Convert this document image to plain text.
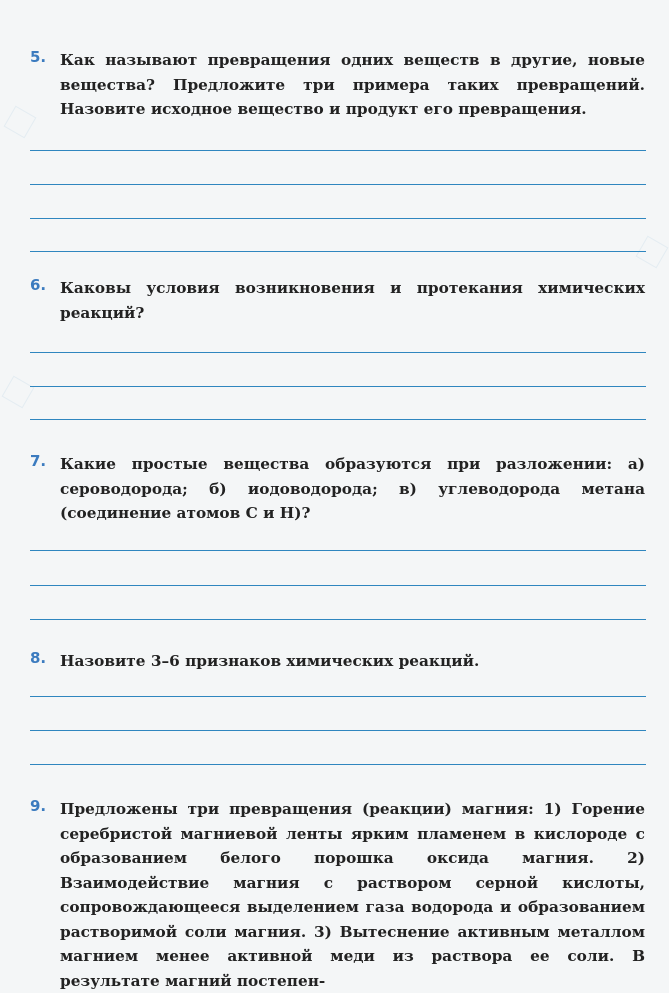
5. Как называют превращения одних веществ в другие, новые вещества? Предложите три примера таких превращений. Назовите исходное вещество и продукт его превращения.
6. Каковы условия возникновения и протекания химических реакций?
7. Какие простые вещества образуются при разложении: а) сероводорода; б) иодоводорода; в) углеводорода метана (соединение атомов С и Н)?
8. Назовите 3–6 признаков химических реакций.
9. Предложены три превращения (реакции) магния: 1) Горение серебристой магниевой ленты ярким пламенем в кислороде с образованием белого порошка оксида магния. 2) Взаимодействие магния с раствором серной кислоты, сопровождающееся выделением газа водорода и образованием растворимой соли магния. 3) Вытеснение активным металлом магнием менее активной меди из раствора ее соли. В результате магний постепен-
